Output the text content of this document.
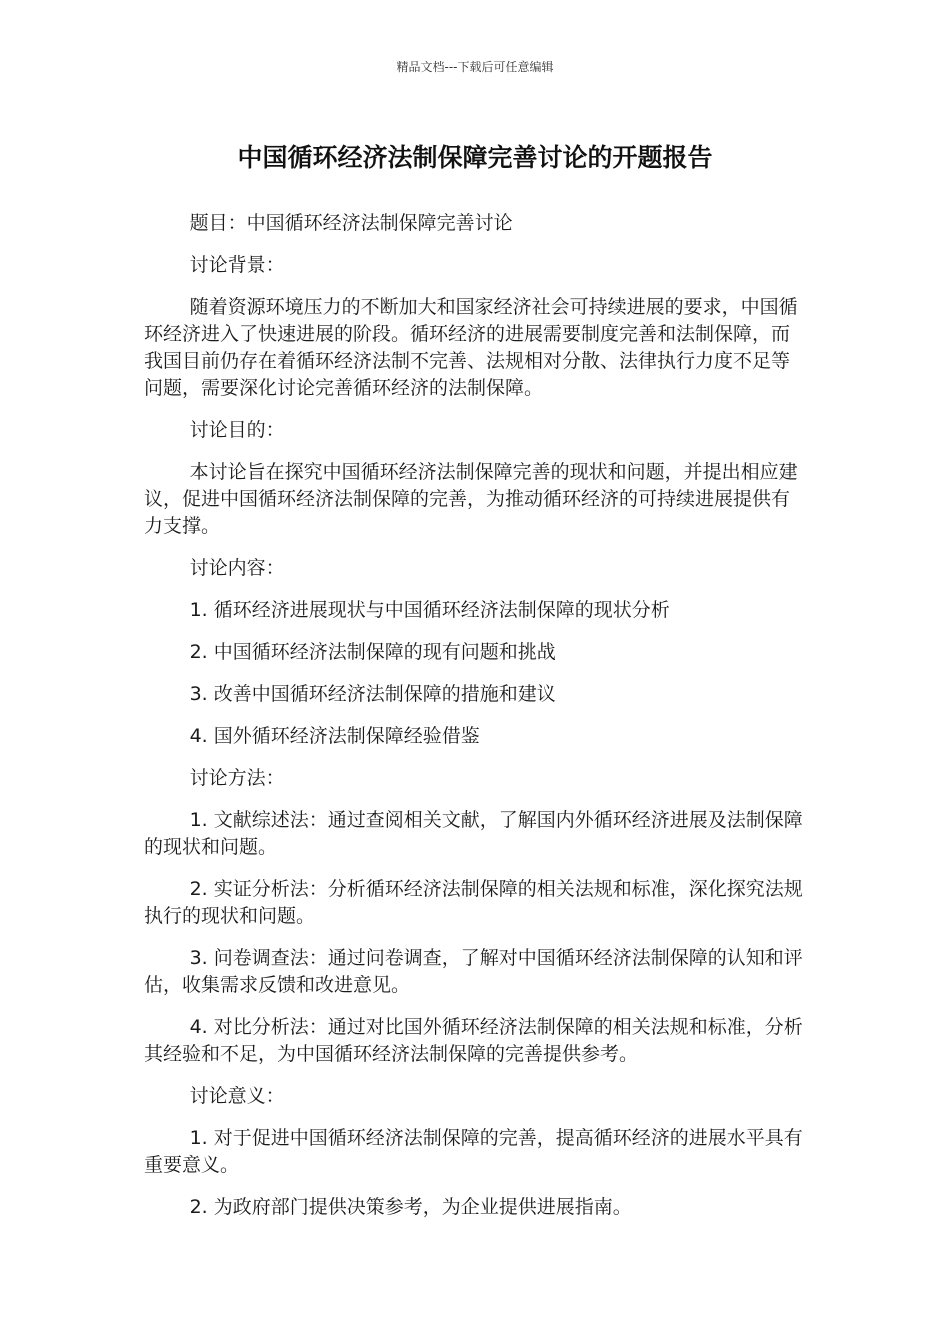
精品文档---下载后可任意编辑
中国循环经济法制保障完善讨论的开题报告

题目：中国循环经济法制保障完善讨论

讨论背景：

随着资源环境压力的不断加大和国家经济社会可持续进展的要求，中国循环经济进入了快速进展的阶段。循环经济的进展需要制度完善和法制保障，而我国目前仍存在着循环经济法制不完善、法规相对分散、法律执行力度不足等问题，需要深化讨论完善循环经济的法制保障。

讨论目的：

本讨论旨在探究中国循环经济法制保障完善的现状和问题，并提出相应建议，促进中国循环经济法制保障的完善，为推动循环经济的可持续进展提供有力支撑。

讨论内容：

1. 循环经济进展现状与中国循环经济法制保障的现状分析

2. 中国循环经济法制保障的现有问题和挑战

3. 改善中国循环经济法制保障的措施和建议

4. 国外循环经济法制保障经验借鉴

讨论方法：

1. 文献综述法：通过查阅相关文献，了解国内外循环经济进展及法制保障的现状和问题。

2. 实证分析法：分析循环经济法制保障的相关法规和标准，深化探究法规执行的现状和问题。

3. 问卷调查法：通过问卷调查，了解对中国循环经济法制保障的认知和评估，收集需求反馈和改进意见。

4. 对比分析法：通过对比国外循环经济法制保障的相关法规和标准，分析其经验和不足，为中国循环经济法制保障的完善提供参考。

讨论意义：

1. 对于促进中国循环经济法制保障的完善，提高循环经济的进展水平具有重要意义。

2. 为政府部门提供决策参考，为企业提供进展指南。
